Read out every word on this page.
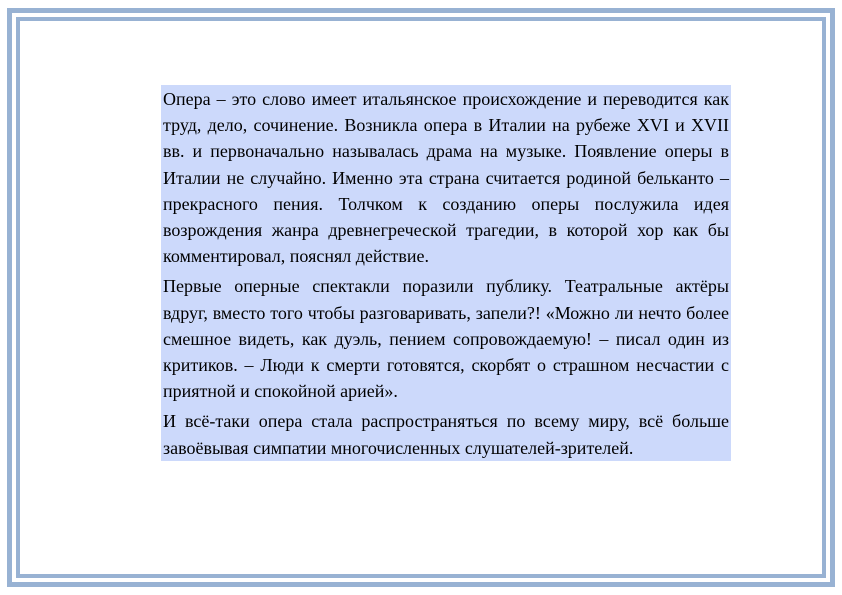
Опера – это слово имеет итальянское происхождение и переводится как труд, дело, сочинение. Возникла опера в Италии на рубеже XVI и XVII вв. и первоначально называлась драма на музыке. Появление оперы в Италии не случайно. Именно эта страна считается родиной бельканто – прекрасного пения. Толчком к созданию оперы послужила идея возрождения жанра древнегреческой трагедии, в которой хор как бы комментировал, пояснял действие.

Первые оперные спектакли поразили публику. Театральные актёры вдруг, вместо того чтобы разговаривать, запели?! «Можно ли нечто более смешное видеть, как дуэль, пением сопровождаемую! – писал один из критиков. – Люди к смерти готовятся, скорбят о страшном несчастии с приятной и спокойной арией».

И всё-таки опера стала распространяться по всему миру, всё больше завоёвывая симпатии многочисленных слушателей-зрителей.
